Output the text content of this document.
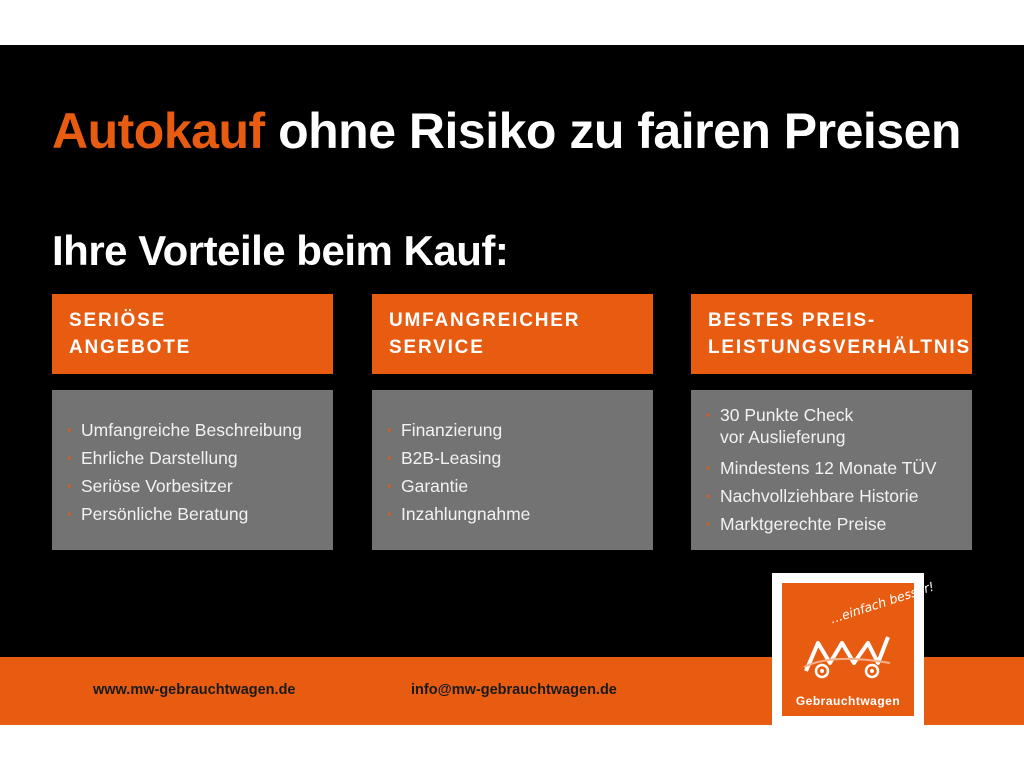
Autokauf ohne Risiko zu fairen Preisen
Ihre Vorteile beim Kauf:
SERIÖSE
ANGEBOTE
· Umfangreiche Beschreibung
· Ehrliche Darstellung
· Seriöse Vorbesitzer
· Persönliche Beratung
UMFANGREICHER
SERVICE
· Finanzierung
· B2B-Leasing
· Garantie
· Inzahlungnahme
BESTES PREIS-
LEISTUNGSVERHÄLTNIS
· 30 Punkte Check
vor Auslieferung
· Mindestens 12 Monate TÜV
· Nachvollziehbare Historie
· Marktgerechte Preise
www.mw-gebrauchtwagen.de	info@mw-gebrauchtwagen.de
...einfach besser!
Gebrauchtwagen
